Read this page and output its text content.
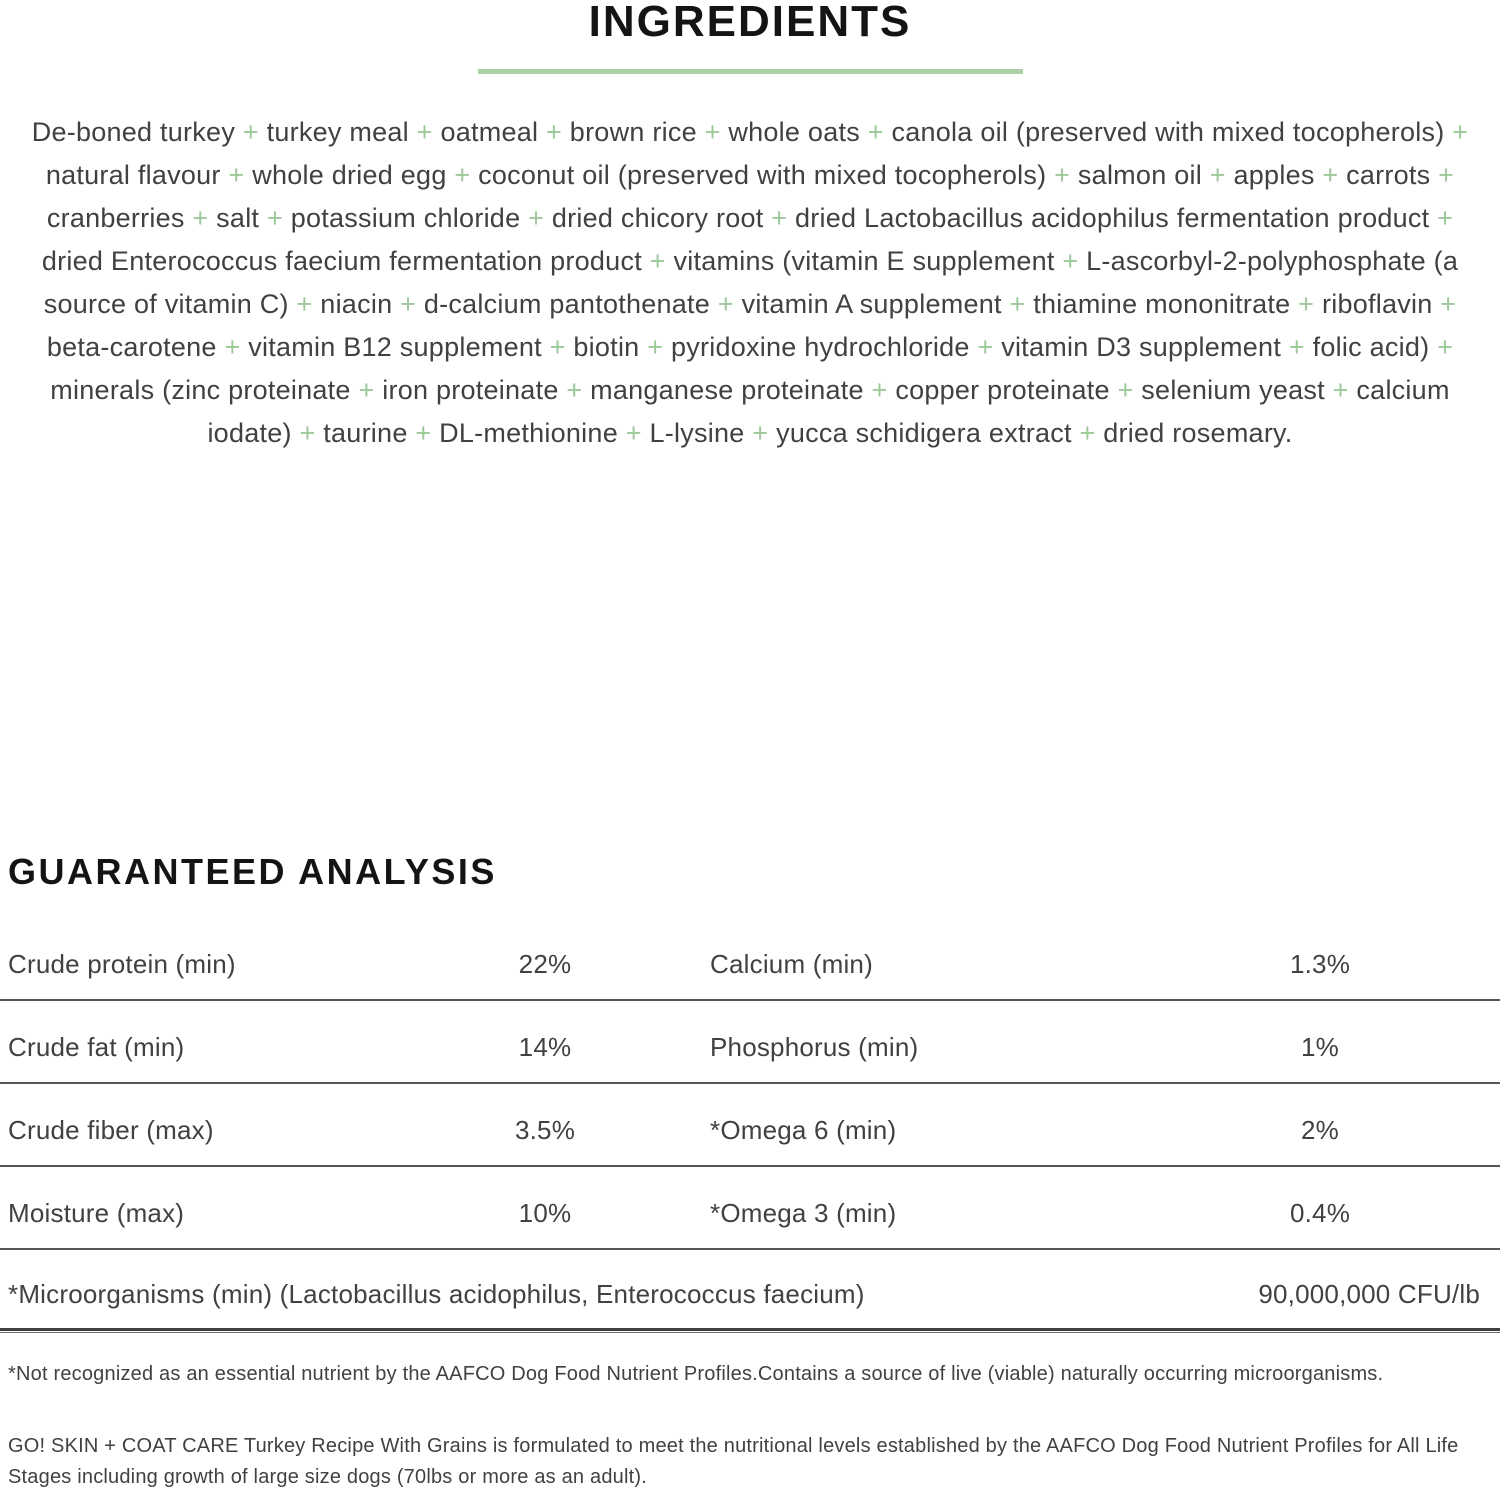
INGREDIENTS

De-boned turkey + turkey meal + oatmeal + brown rice + whole oats + canola oil (preserved with mixed tocopherols) + natural flavour + whole dried egg + coconut oil (preserved with mixed tocopherols) + salmon oil + apples + carrots + cranberries + salt + potassium chloride + dried chicory root + dried Lactobacillus acidophilus fermentation product + dried Enterococcus faecium fermentation product + vitamins (vitamin E supplement + L-ascorbyl-2-polyphosphate (a source of vitamin C) + niacin + d-calcium pantothenate + vitamin A supplement + thiamine mononitrate + riboflavin + beta-carotene + vitamin B12 supplement + biotin + pyridoxine hydrochloride + vitamin D3 supplement + folic acid) + minerals (zinc proteinate + iron proteinate + manganese proteinate + copper proteinate + selenium yeast + calcium iodate) + taurine + DL-methionine + L-lysine + yucca schidigera extract + dried rosemary.

GUARANTEED ANALYSIS
Crude protein (min)	22%	Calcium (min)	1.3%
Crude fat (min)	14%	Phosphorus (min)	1%
Crude fiber (max)	3.5%	*Omega 6 (min)	2%
Moisture (max)	10%	*Omega 3 (min)	0.4%
*Microorganisms (min) (Lactobacillus acidophilus, Enterococcus faecium)	90,000,000 CFU/lb

*Not recognized as an essential nutrient by the AAFCO Dog Food Nutrient Profiles.Contains a source of live (viable) naturally occurring microorganisms.

GO! SKIN + COAT CARE Turkey Recipe With Grains is formulated to meet the nutritional levels established by the AAFCO Dog Food Nutrient Profiles for All Life Stages including growth of large size dogs (70lbs or more as an adult).
